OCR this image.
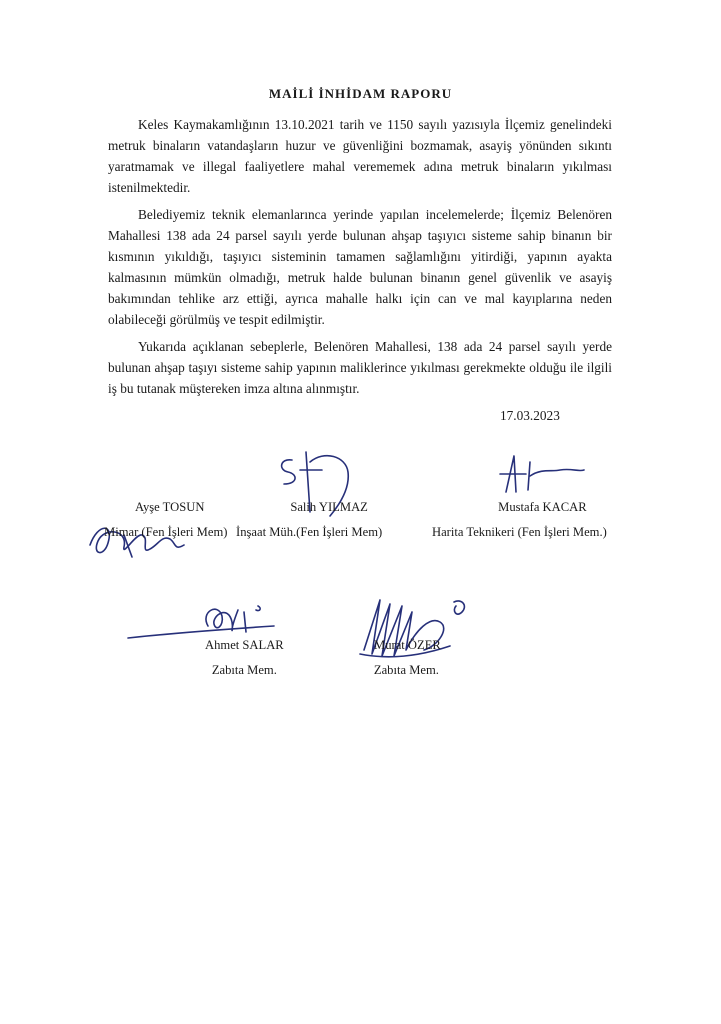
MAİLİ İNHİDAM RAPORU

Keles Kaymakamlığının 13.10.2021 tarih ve 1150 sayılı yazısıyla İlçemiz genelindeki metruk binaların vatandaşların huzur ve güvenliğini bozmamak, asayiş yönünden sıkıntı yaratmamak ve illegal faaliyetlere mahal verememek adına metruk binaların yıkılması istenilmektedir.

Belediyemiz teknik elemanlarınca yerinde yapılan incelemelerde; İlçemiz Belenören Mahallesi 138 ada 24 parsel sayılı yerde bulunan ahşap taşıyıcı sisteme sahip binanın bir kısmının yıkıldığı, taşıyıcı sisteminin tamamen sağlamlığını yitirdiği, yapının ayakta kalmasının mümkün olmadığı, metruk halde bulunan binanın genel güvenlik ve asayiş bakımından tehlike arz ettiği, ayrıca mahalle halkı için can ve mal kayıplarına neden olabileceği görülmüş ve tespit edilmiştir.

Yukarıda açıklanan sebeplerle, Belenören Mahallesi, 138 ada 24 parsel sayılı yerde bulunan ahşap taşıyı sisteme sahip yapının maliklerince yıkılması gerekmekte olduğu ile ilgili iş bu tutanak müştereken imza altına alınmıştır.

17.03.2023
Ayşe TOSUN
Mimar (Fen İşleri Mem)
Salih YILMAZ
İnşaat Müh.(Fen İşleri Mem)
Mustafa KACAR
Harita Teknikeri (Fen İşleri Mem.)
Ahmet SALAR
Zabıta Mem.
Murat ÖZER
Zabıta Mem.
